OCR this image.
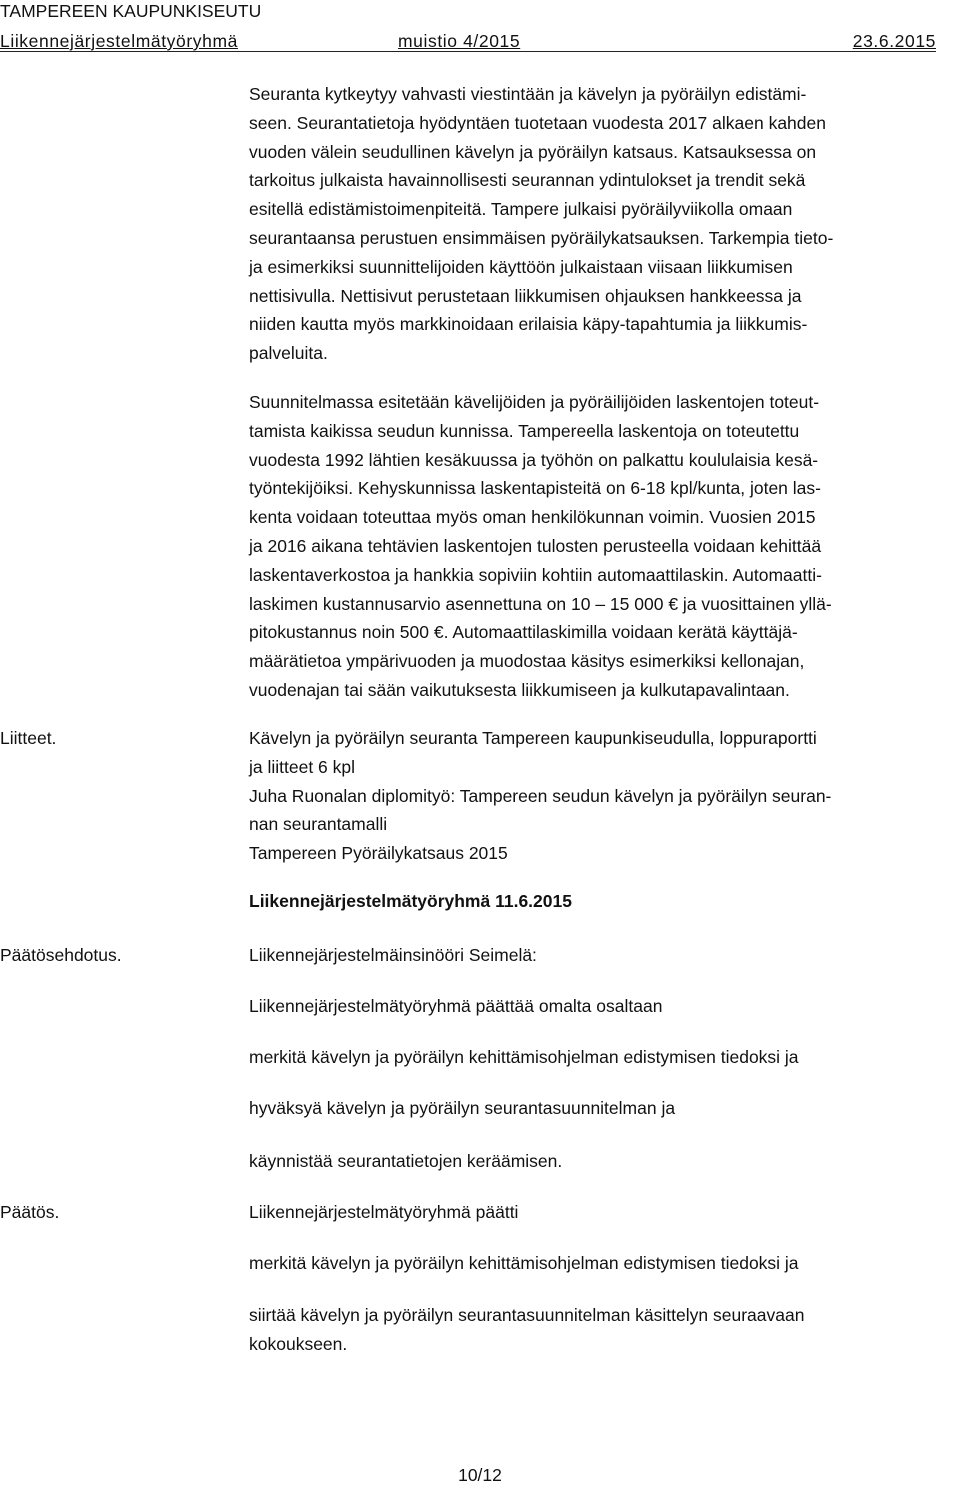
TAMPEREEN KAUPUNKISEUTU
Liikennejärjestelmätyöryhmä	muistio 4/2015	23.6.2015
Seuranta kytkeytyy vahvasti viestintään ja kävelyn ja pyöräilyn edistämi-
seen. Seurantatietoja hyödyntäen tuotetaan vuodesta 2017 alkaen kahden
vuoden välein seudullinen kävelyn ja pyöräilyn katsaus. Katsauksessa on
tarkoitus julkaista havainnollisesti seurannan ydintulokset ja trendit sekä
esitellä edistämistoimenpiteitä. Tampere julkaisi pyöräilyviikolla omaan
seurantaansa perustuen ensimmäisen pyöräilykatsauksen. Tarkempia tieto-
ja esimerkiksi suunnittelijoiden käyttöön julkaistaan viisaan liikkumisen
nettisivulla. Nettisivut perustetaan liikkumisen ohjauksen hankkeessa ja
niiden kautta myös markkinoidaan erilaisia käpy-tapahtumia ja liikkumis-
palveluita.
Suunnitelmassa esitetään kävelijöiden ja pyöräilijöiden laskentojen toteut-
tamista kaikissa seudun kunnissa. Tampereella laskentoja on toteutettu
vuodesta 1992 lähtien kesäkuussa ja työhön on palkattu koululaisia kesä-
työntekijöiksi. Kehyskunnissa laskentapisteitä on 6-18 kpl/kunta, joten las-
kenta voidaan toteuttaa myös oman henkilökunnan voimin. Vuosien 2015
ja 2016 aikana tehtävien laskentojen tulosten perusteella voidaan kehittää
laskentaverkostoa ja hankkia sopiviin kohtiin automaattilaskin. Automaatti-
laskimen kustannusarvio asennettuna on 10 – 15 000 € ja vuosittainen yllä-
pitokustannus noin 500 €. Automaattilaskimilla voidaan kerätä käyttäjä-
määrätietoa ympärivuoden ja muodostaa käsitys esimerkiksi kellonajan,
vuodenajan tai sään vaikutuksesta liikkumiseen ja kulkutapavalintaan.
Liitteet.	Kävelyn ja pyöräilyn seuranta Tampereen kaupunkiseudulla, loppuraportti
ja liitteet 6 kpl
Juha Ruonalan diplomityö: Tampereen seudun kävelyn ja pyöräilyn seuran-
nan seurantamalli
Tampereen Pyöräilykatsaus 2015
Liikennejärjestelmätyöryhmä 11.6.2015
Päätösehdotus.	Liikennejärjestelmäinsinööri Seimelä:
Liikennejärjestelmätyöryhmä päättää omalta osaltaan
merkitä kävelyn ja pyöräilyn kehittämisohjelman edistymisen tiedoksi ja
hyväksyä kävelyn ja pyöräilyn seurantasuunnitelman ja
käynnistää seurantatietojen keräämisen.
Päätös.	Liikennejärjestelmätyöryhmä päätti
merkitä kävelyn ja pyöräilyn kehittämisohjelman edistymisen tiedoksi ja
siirtää kävelyn ja pyöräilyn seurantasuunnitelman käsittelyn seuraavaan
kokoukseen.
10/12
